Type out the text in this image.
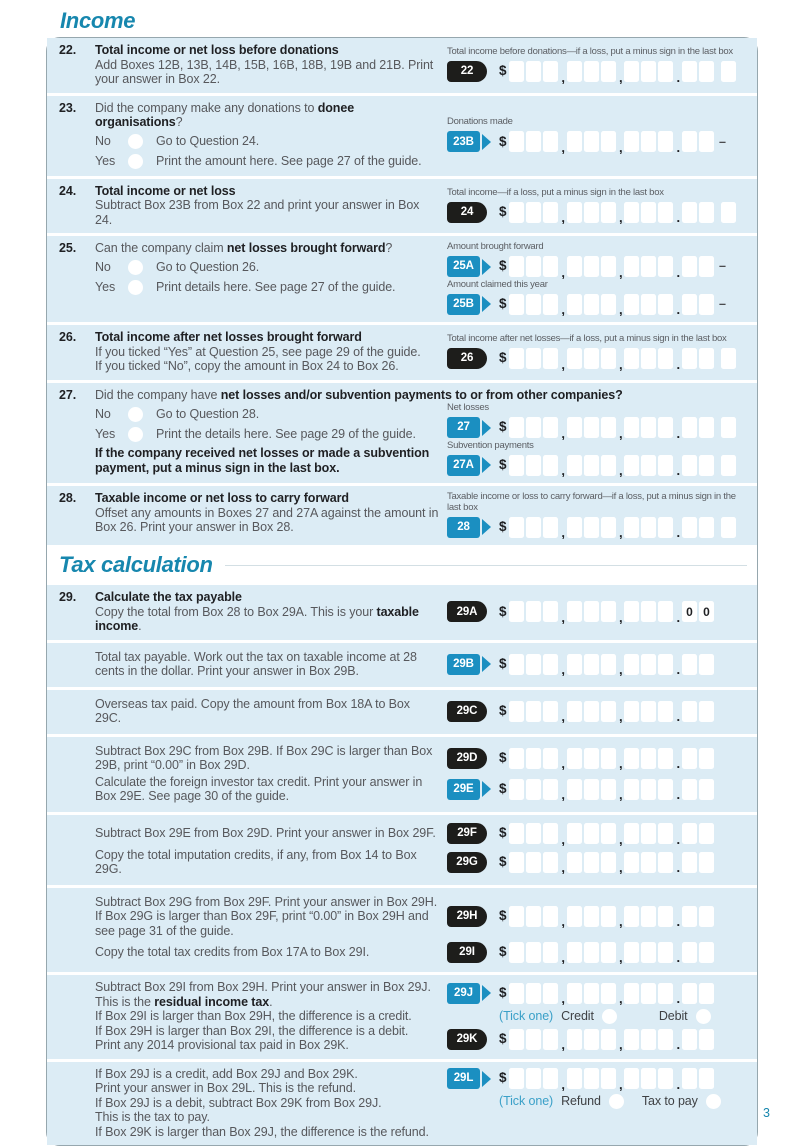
Income
22.	Total income or net loss before donations
Add Boxes 12B, 13B, 14B, 15B, 16B, 18B, 19B and 21B. Print your answer in Box 22.
Total income before donations—if a loss, put a minus sign in the last box
22	$	,	,	.
23.	Did the company make any donations to donee organisations?
No	Go to Question 24.
Yes	Print the amount here. See page 27 of the guide.
Donations made
23B	$	,	,	.	–
24.	Total income or net loss
Subtract Box 23B from Box 22 and print your answer in Box 24.
Total income—if a loss, put a minus sign in the last box
24	$	,	,	.
25.	Can the company claim net losses brought forward?
No	Go to Question 26.
Yes	Print details here. See page 27 of the guide.
Amount brought forward
25A	$	,	,	.	–
Amount claimed this year
25B	$	,	,	.	–
26.	Total income after net losses brought forward
If you ticked “Yes” at Question 25, see page 29 of the guide.
If you ticked “No”, copy the amount in Box 24 to Box 26.
Total income after net losses—if a loss, put a minus sign in the last box
26	$	,	,	.
27.	Did the company have net losses and/or subvention payments to or from other companies?
No	Go to Question 28.
Yes	Print the details here. See page 29 of the guide.
If the company received net losses or made a subvention payment, put a minus sign in the last box.
Net losses
27	$	,	,	.
Subvention payments
27A	$	,	,	.
28.	Taxable income or net loss to carry forward
Offset any amounts in Boxes 27 and 27A against the amount in Box 26. Print your answer in Box 28.
Taxable income or loss to carry forward—if a loss, put a minus sign in the last box
28	$	,	,	.
Tax calculation
29.	Calculate the tax payable
Copy the total from Box 28 to Box 29A. This is your taxable income.
29A	$	,	,	. 0 0
Total tax payable. Work out the tax on taxable income at 28 cents in the dollar. Print your answer in Box 29B.
29B	$	,	,	.
Overseas tax paid. Copy the amount from Box 18A to Box 29C.
29C	$	,	,	.
Subtract Box 29C from Box 29B. If Box 29C is larger than Box 29B, print “0.00” in Box 29D.
29D	$	,	,	.
Calculate the foreign investor tax credit. Print your answer in Box 29E. See page 30 of the guide.
29E	$	,	,	.
Subtract Box 29E from Box 29D. Print your answer in Box 29F.	29F	$	,	,	.
Copy the total imputation credits, if any, from Box 14 to Box 29G.
29G	$	,	,	.
Subtract Box 29G from Box 29F. Print your answer in Box 29H. If Box 29G is larger than Box 29F, print “0.00” in Box 29H and see page 31 of the guide.
29H	$	,	,	.
Copy the total tax credits from Box 17A to Box 29I.	29I	$	,	,	.
Subtract Box 29I from Box 29H. Print your answer in Box 29J.
This is the residual income tax.
If Box 29I is larger than Box 29H, the difference is a credit.
If Box 29H is larger than Box 29I, the difference is a debit.
Print any 2014 provisional tax paid in Box 29K.
29J	$	,	,	.
(Tick one) Credit	Debit
29K	$	,	,	.
If Box 29J is a credit, add Box 29J and Box 29K.
Print your answer in Box 29L. This is the refund.
If Box 29J is a debit, subtract Box 29K from Box 29J.
This is the tax to pay.
If Box 29K is larger than Box 29J, the difference is the refund.
29L	$	,	,	.
(Tick one) Refund	Tax to pay
3
